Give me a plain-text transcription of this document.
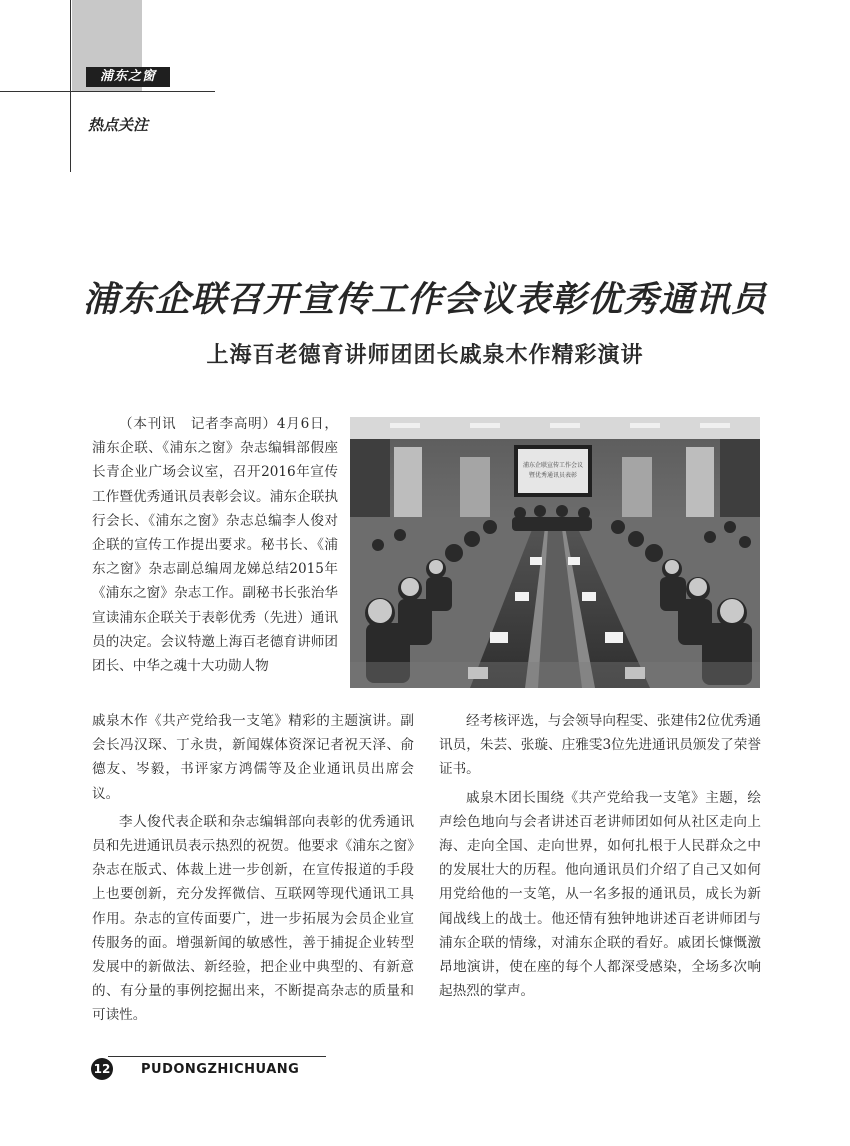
浦东之窗
热点关注
浦东企联召开宣传工作会议表彰优秀通讯员
上海百老德育讲师团团长戚泉木作精彩演讲
浦东企联宣传工作会议
暨优秀通讯员表彰
（本刊讯　记者李高明）4月6日，浦东企联、《浦东之窗》杂志编辑部假座长青企业广场会议室，召开2016年宣传工作暨优秀通讯员表彰会议。浦东企联执行会长、《浦东之窗》杂志总编李人俊对企联的宣传工作提出要求。秘书长、《浦东之窗》杂志副总编周龙娣总结2015年《浦东之窗》杂志工作。副秘书长张治华宣读浦东企联关于表彰优秀（先进）通讯员的决定。会议特邀上海百老德育讲师团团长、中华之魂十大功勋人物

戚泉木作《共产党给我一支笔》精彩的主题演讲。副会长冯汉琛、丁永贵，新闻媒体资深记者祝天泽、俞德友、岑毅，书评家方鸿儒等及企业通讯员出席会议。

李人俊代表企联和杂志编辑部向表彰的优秀通讯员和先进通讯员表示热烈的祝贺。他要求《浦东之窗》杂志在版式、体裁上进一步创新，在宣传报道的手段上也要创新，充分发挥微信、互联网等现代通讯工具作用。杂志的宣传面要广，进一步拓展为会员企业宣传服务的面。增强新闻的敏感性，善于捕捉企业转型发展中的新做法、新经验，把企业中典型的、有新意的、有分量的事例挖掘出来，不断提高杂志的质量和可读性。

经考核评选，与会领导向程雯、张建伟2位优秀通讯员，朱芸、张璇、庄雅雯3位先进通讯员颁发了荣誉证书。

戚泉木团长围绕《共产党给我一支笔》主题，绘声绘色地向与会者讲述百老讲师团如何从社区走向上海、走向全国、走向世界，如何扎根于人民群众之中的发展壮大的历程。他向通讯员们介绍了自己又如何用党给他的一支笔，从一名多报的通讯员，成长为新闻战线上的战士。他还情有独钟地讲述百老讲师团与浦东企联的情缘，对浦东企联的看好。戚团长慷慨激昂地演讲，使在座的每个人都深受感染，全场多次响起热烈的掌声。

12 PUDONGZHICHUANG
